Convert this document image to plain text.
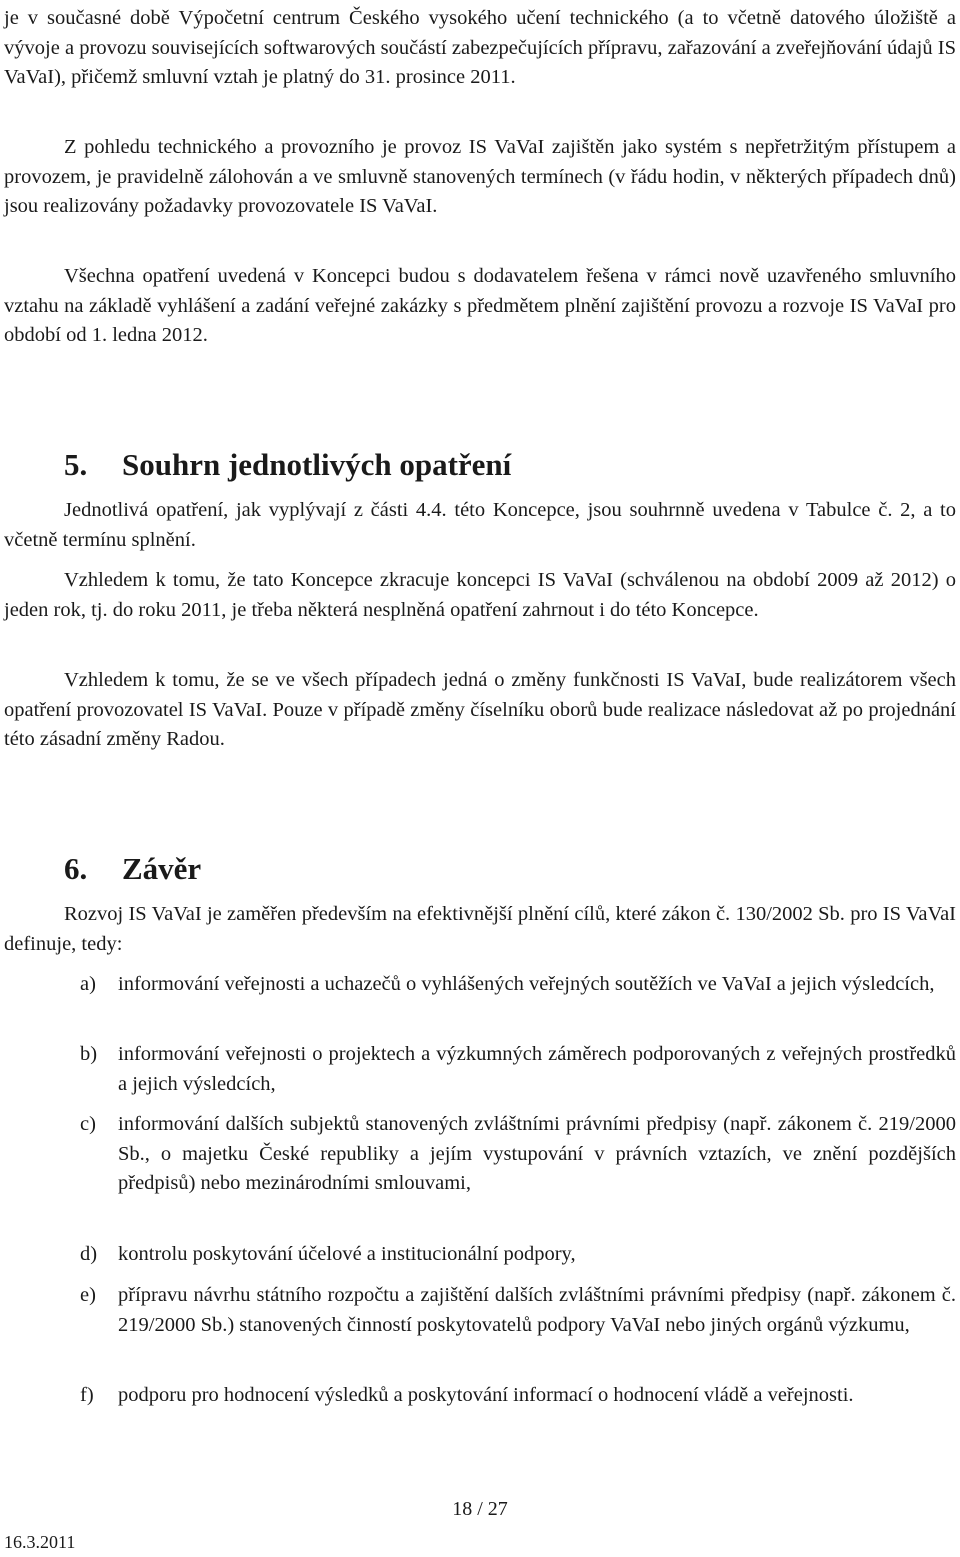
je v současné době Výpočetní centrum Českého vysokého učení technického (a to včetně datového úložiště a vývoje a provozu souvisejících softwarových součástí zabezpečujících přípravu, zařazování a zveřejňování údajů IS VaVaI), přičemž smluvní vztah je platný do 31. prosince 2011.

Z pohledu technického a provozního je provoz IS VaVaI zajištěn jako systém s nepřetržitým přístupem a provozem, je pravidelně zálohován a ve smluvně stanovených termínech (v řádu hodin, v některých případech dnů) jsou realizovány požadavky provozovatele IS VaVaI.

Všechna opatření uvedená v Koncepci budou s dodavatelem řešena v rámci nově uzavřeného smluvního vztahu na základě vyhlášení a zadání veřejné zakázky s předmětem plnění zajištění provozu a rozvoje IS VaVaI pro období od 1. ledna 2012.

5. Souhrn jednotlivých opatření

Jednotlivá opatření, jak vyplývají z části 4.4. této Koncepce, jsou souhrnně uvedena v Tabulce č. 2, a to včetně termínu splnění.

Vzhledem k tomu, že tato Koncepce zkracuje koncepci IS VaVaI (schválenou na období 2009 až 2012) o jeden rok, tj. do roku 2011, je třeba některá nesplněná opatření zahrnout i do této Koncepce.

Vzhledem k tomu, že se ve všech případech jedná o změny funkčnosti IS VaVaI, bude realizátorem všech opatření provozovatel IS VaVaI. Pouze v případě změny číselníku oborů bude realizace následovat až po projednání této zásadní změny Radou.

6. Závěr

Rozvoj IS VaVaI je zaměřen především na efektivnější plnění cílů, které zákon č. 130/2002 Sb. pro IS VaVaI definuje, tedy:

a) informování veřejnosti a uchazečů o vyhlášených veřejných soutěžích ve VaVaI a jejich výsledcích,
b) informování veřejnosti o projektech a výzkumných záměrech podporovaných z veřejných prostředků a jejich výsledcích,
c) informování dalších subjektů stanovených zvláštními právními předpisy (např. zákonem č. 219/2000 Sb., o majetku České republiky a jejím vystupování v právních vztazích, ve znění pozdějších předpisů) nebo mezinárodními smlouvami,
d) kontrolu poskytování účelové a institucionální podpory,
e) přípravu návrhu státního rozpočtu a zajištění dalších zvláštními právními předpisy (např. zákonem č. 219/2000 Sb.) stanovených činností poskytovatelů podpory VaVaI nebo jiných orgánů výzkumu,
f) podporu pro hodnocení výsledků a poskytování informací o hodnocení vládě a veřejnosti.
18 / 27
16.3.2011
